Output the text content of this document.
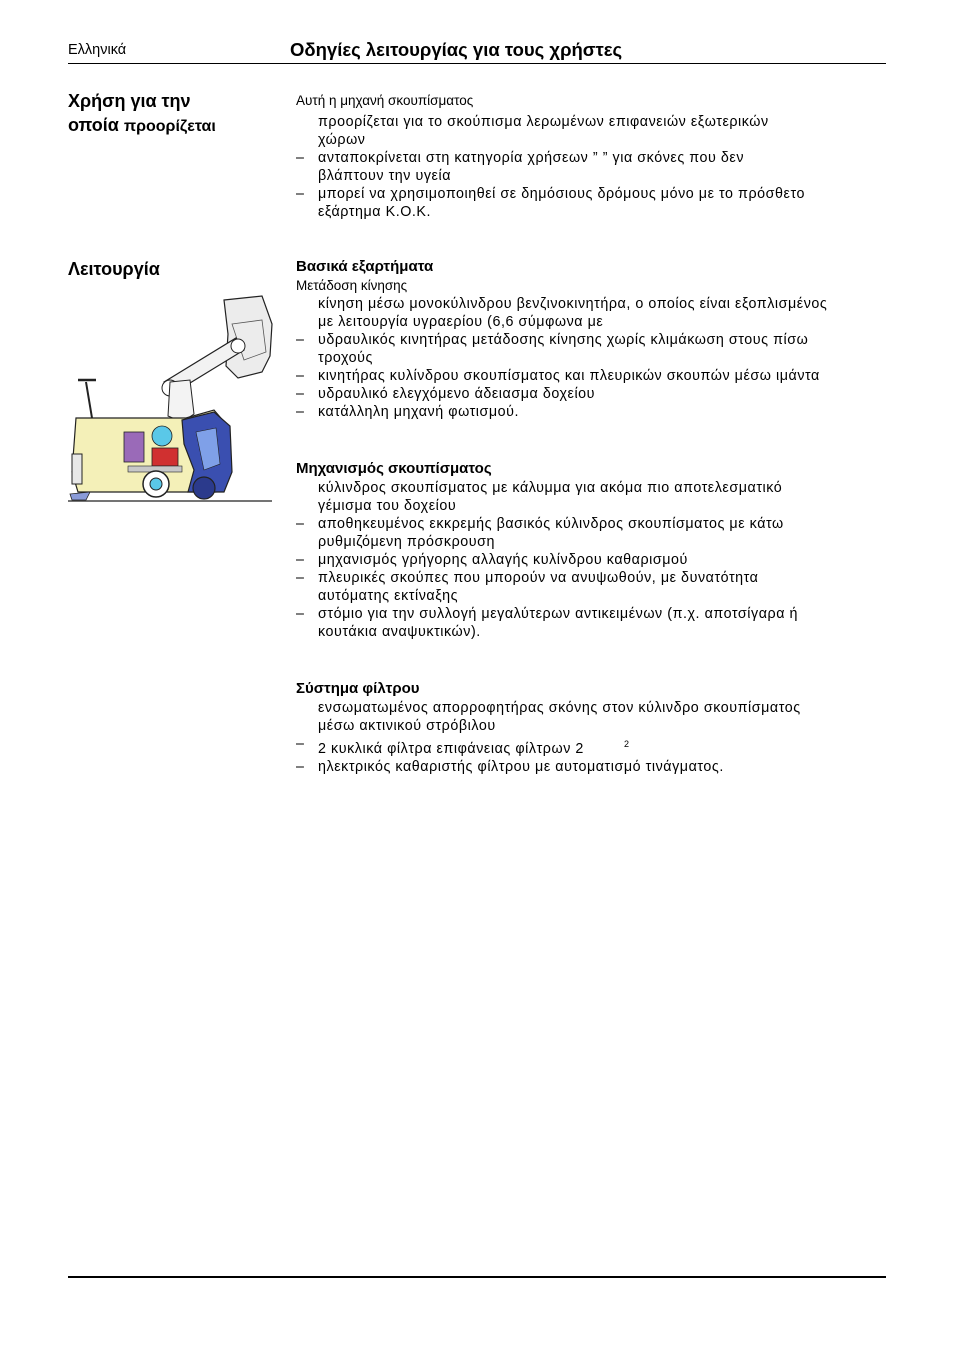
Ελληνικά	Οδηγίες λειτουργίας για τους χρήστες
Χρήση για την
οποία προορίζεται
Αυτή η μηχανή σκουπίσματος
προορίζεται για το σκούπισμα λερωμένων επιφανειών εξωτερικών
χώρων
– ανταποκρίνεται στη κατηγορία χρήσεων ” ” για σκόνες που δεν
βλάπτουν την υγεία
– μπορεί να χρησιμοποιηθεί σε δημόσιους δρόμους μόνο με το πρόσθετο
εξάρτημα Κ.Ο.Κ.
Λειτουργία	Βασικά εξαρτήματα
Μετάδοση κίνησης
κίνηση μέσω μονοκύλινδρου βενζινοκινητήρα, ο οποίος είναι εξοπλισμένος
με λειτουργία υγραερίου (6,6 σύμφωνα με
– υδραυλικός κινητήρας μετάδοσης κίνησης χωρίς κλιμάκωση στους πίσω
τροχούς
– κινητήρας κυλίνδρου σκουπίσματος και πλευρικών σκουπών μέσω ιμάντα
– υδραυλικό ελεγχόμενο άδειασμα δοχείου
– κατάλληλη μηχανή φωτισμού.
Μηχανισμός σκουπίσματος
κύλινδρος σκουπίσματος με κάλυμμα για ακόμα πιο αποτελεσματικό
γέμισμα του δοχείου
– αποθηκευμένος εκκρεμής βασικός κύλινδρος σκουπίσματος με κάτω
ρυθμιζόμενη πρόσκρουση
– μηχανισμός γρήγορης αλλαγής κυλίνδρου καθαρισμού
– πλευρικές σκούπες που μπορούν να ανυψωθούν, με δυνατότητα
αυτόματης εκτίναξης
– στόμιο για την συλλογή μεγαλύτερων αντικειμένων (π.χ. αποτσίγαρα ή
κουτάκια αναψυκτικών).
Σύστημα φίλτρου
ενσωματωμένος απορροφητήρας σκόνης στον κύλινδρο σκουπίσματος
μέσω ακτινικού στρόβιλου
– 2 κυκλικά φίλτρα επιφάνειας φίλτρων 2	$^2$
– ηλεκτρικός καθαριστής φίλτρου με αυτοματισμό τινάγματος.
